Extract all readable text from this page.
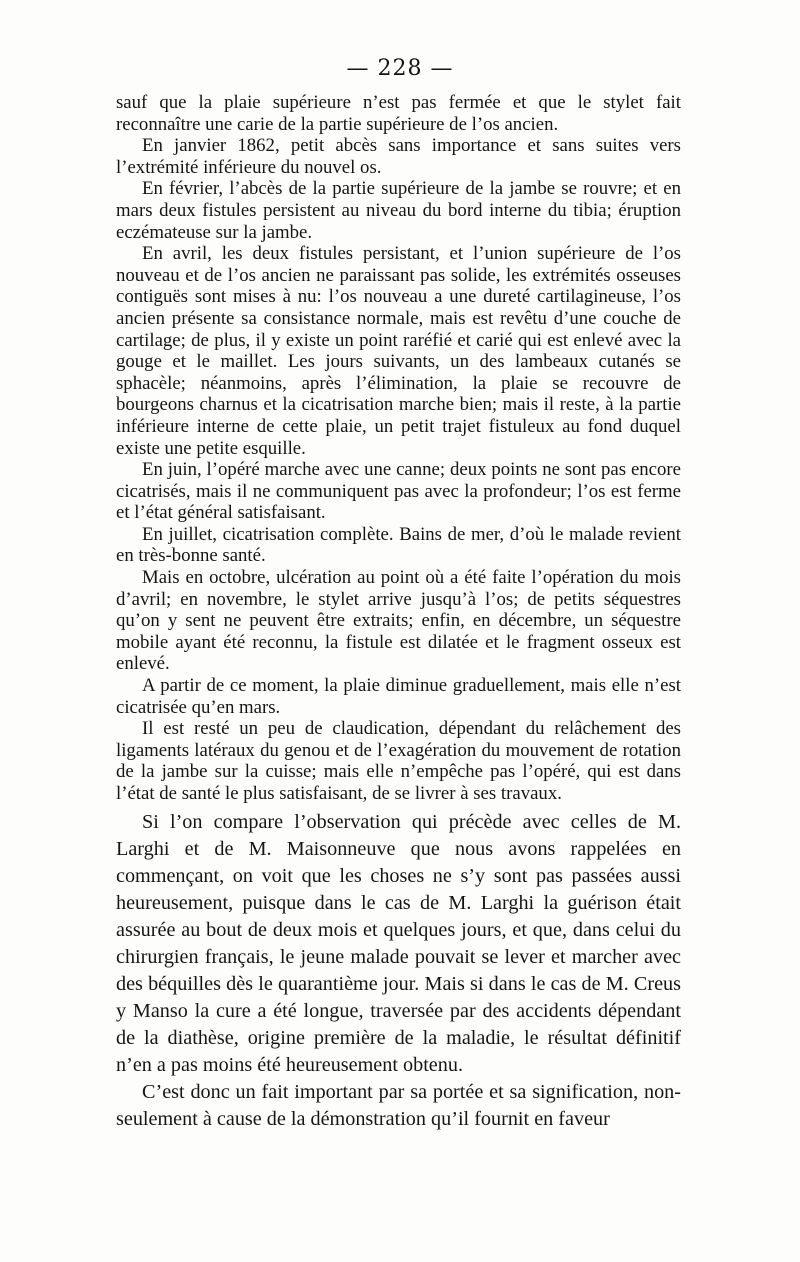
— 228 —

sauf que la plaie supérieure n’est pas fermée et que le stylet fait reconnaître une carie de la partie supérieure de l’os ancien.

En janvier 1862, petit abcès sans importance et sans suites vers l’extrémité inférieure du nouvel os.

En février, l’abcès de la partie supérieure de la jambe se rouvre; et en mars deux fistules persistent au niveau du bord interne du tibia; éruption eczémateuse sur la jambe.

En avril, les deux fistules persistant, et l’union supérieure de l’os nouveau et de l’os ancien ne paraissant pas solide, les extrémités osseuses contiguës sont mises à nu: l’os nouveau a une dureté cartilagineuse, l’os ancien présente sa consistance normale, mais est revêtu d’une couche de cartilage; de plus, il y existe un point raréfié et carié qui est enlevé avec la gouge et le maillet. Les jours suivants, un des lambeaux cutanés se sphacèle; néanmoins, après l’élimination, la plaie se recouvre de bourgeons charnus et la cicatrisation marche bien; mais il reste, à la partie inférieure interne de cette plaie, un petit trajet fistuleux au fond duquel existe une petite esquille.

En juin, l’opéré marche avec une canne; deux points ne sont pas encore cicatrisés, mais il ne communiquent pas avec la profondeur; l’os est ferme et l’état général satisfaisant.

En juillet, cicatrisation complète. Bains de mer, d’où le malade revient en très-bonne santé.

Mais en octobre, ulcération au point où a été faite l’opération du mois d’avril; en novembre, le stylet arrive jusqu’à l’os; de petits séquestres qu’on y sent ne peuvent être extraits; enfin, en décembre, un séquestre mobile ayant été reconnu, la fistule est dilatée et le fragment osseux est enlevé.

A partir de ce moment, la plaie diminue graduellement, mais elle n’est cicatrisée qu’en mars.

Il est resté un peu de claudication, dépendant du relâchement des ligaments latéraux du genou et de l’exagération du mouvement de rotation de la jambe sur la cuisse; mais elle n’empêche pas l’opéré, qui est dans l’état de santé le plus satisfaisant, de se livrer à ses travaux.

Si l’on compare l’observation qui précède avec celles de M. Larghi et de M. Maisonneuve que nous avons rappelées en commençant, on voit que les choses ne s’y sont pas passées aussi heureusement, puisque dans le cas de M. Larghi la guérison était assurée au bout de deux mois et quelques jours, et que, dans celui du chirurgien français, le jeune malade pouvait se lever et marcher avec des béquilles dès le quarantième jour. Mais si dans le cas de M. Creus y Manso la cure a été longue, traversée par des accidents dépendant de la diathèse, origine première de la maladie, le résultat définitif n’en a pas moins été heureusement obtenu.

C’est donc un fait important par sa portée et sa signification, non-seulement à cause de la démonstration qu’il fournit en faveur
